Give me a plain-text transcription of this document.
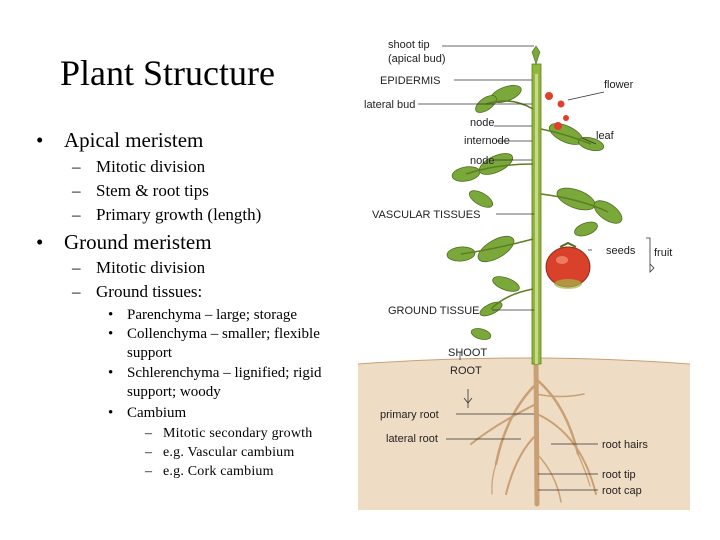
Plant Structure
• Apical meristem
– Mitotic division
– Stem & root tips
– Primary growth (length)
• Ground meristem
– Mitotic division
– Ground tissues:
• Parenchyma – large; storage
• Collenchyma – smaller; flexible support
• Schlerenchyma – lignified; rigid support; woody
• Cambium
– Mitotic secondary growth
– e.g. Vascular cambium
– e.g. Cork cambium
shoot tip
(apical bud)
EPIDERMIS	flower
lateral bud
node
leaf
internode
node
VASCULAR TISSUES
seeds fruit
GROUND TISSUE
SHOOT
ROOT
primary root
lateral root	root hairs
root tip
root cap
